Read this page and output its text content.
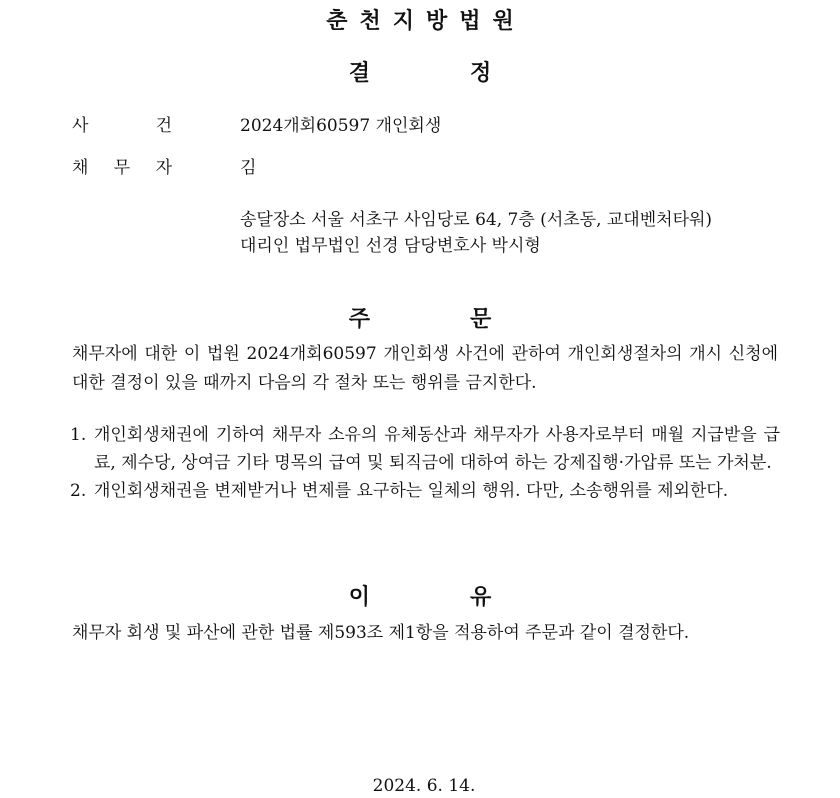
춘천지방법원
결	정
사 건	2024개회60597 개인회생
채 무 자	김
송달장소 서울 서초구 사임당로 64, 7층 (서초동, 교대벤처타워)
대리인 법무법인 선경 담당변호사 박시형
주	문
채무자에 대한 이 법원 2024개회60597 개인회생 사건에 관하여 개인회생절차의 개시 신청에 대한 결정이 있을 때까지 다음의 각 절차 또는 행위를 금지한다.
1. 개인회생채권에 기하여 채무자 소유의 유체동산과 채무자가 사용자로부터 매월 지급받을 급료, 제수당, 상여금 기타 명목의 급여 및 퇴직금에 대하여 하는 강제집행·가압류 또는 가처분.
2. 개인회생채권을 변제받거나 변제를 요구하는 일체의 행위. 다만, 소송행위를 제외한다.
이	유
채무자 회생 및 파산에 관한 법률 제593조 제1항을 적용하여 주문과 같이 결정한다.
2024. 6. 14.
